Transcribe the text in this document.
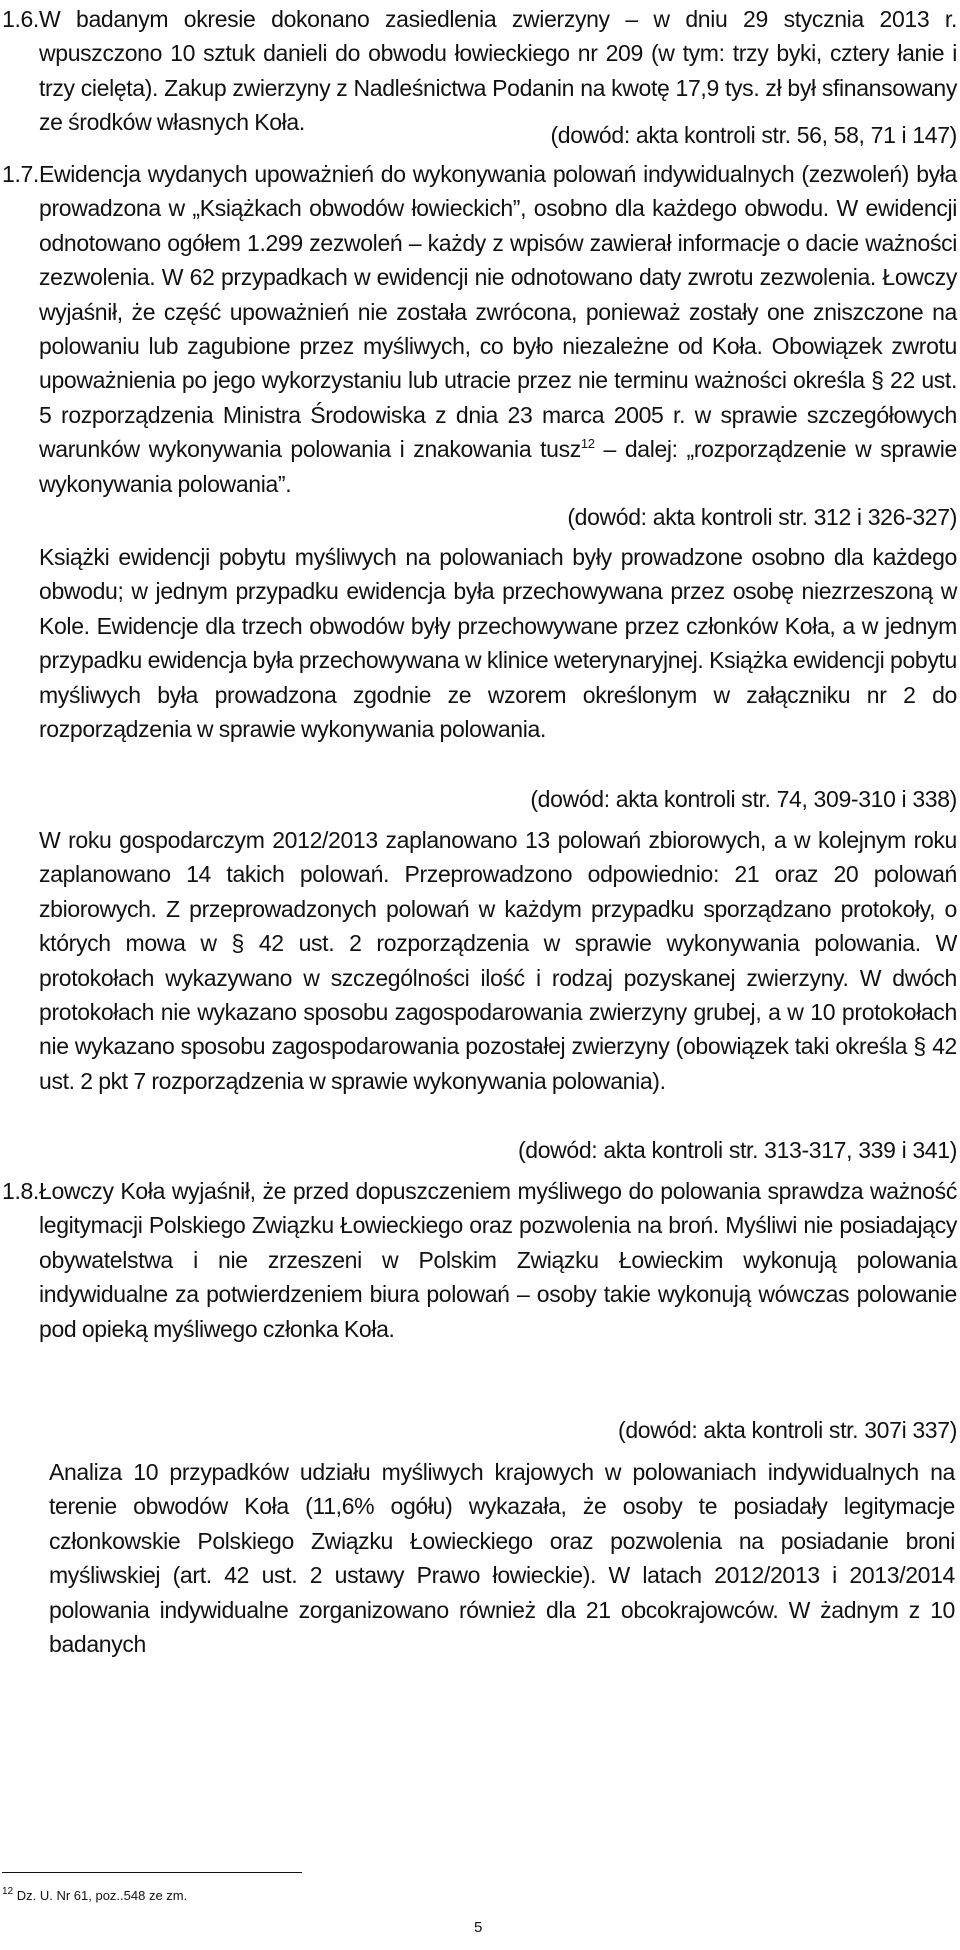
1.6. W badanym okresie dokonano zasiedlenia zwierzyny – w dniu 29 stycznia 2013 r. wpuszczono 10 sztuk danieli do obwodu łowieckiego nr 209 (w tym: trzy byki, cztery łanie i trzy cielęta). Zakup zwierzyny z Nadleśnictwa Podanin na kwotę 17,9 tys. zł był sfinansowany ze środków własnych Koła.	(dowód: akta kontroli str. 56, 58, 71 i 147)
1.7. Ewidencja wydanych upoważnień do wykonywania polowań indywidualnych (zezwoleń) była prowadzona w „Książkach obwodów łowieckich”, osobno dla każdego obwodu. W ewidencji odnotowano ogółem 1.299 zezwoleń – każdy z wpisów zawierał informacje o dacie ważności zezwolenia. W 62 przypadkach w ewidencji nie odnotowano daty zwrotu zezwolenia. Łowczy wyjaśnił, że część upoważnień nie została zwrócona, ponieważ zostały one zniszczone na polowaniu lub zagubione przez myśliwych, co było niezależne od Koła. Obowiązek zwrotu upoważnienia po jego wykorzystaniu lub utracie przez nie terminu ważności określa § 22 ust. 5 rozporządzenia Ministra Środowiska z dnia 23 marca 2005 r. w sprawie szczegółowych warunków wykonywania polowania i znakowania tusz$^{12}$ – dalej: „rozporządzenie w sprawie wykonywania polowania”.

(dowód: akta kontroli str. 312 i 326-327)

Książki ewidencji pobytu myśliwych na polowaniach były prowadzone osobno dla każdego obwodu; w jednym przypadku ewidencja była przechowywana przez osobę niezrzeszoną w Kole. Ewidencje dla trzech obwodów były przechowywane przez członków Koła, a w jednym przypadku ewidencja była przechowywana w klinice weterynaryjnej. Książka ewidencji pobytu myśliwych była prowadzona zgodnie ze wzorem określonym w załączniku nr 2 do rozporządzenia w sprawie wykonywania polowania.

(dowód: akta kontroli str. 74, 309-310 i 338)

W roku gospodarczym 2012/2013 zaplanowano 13 polowań zbiorowych, a w kolejnym roku zaplanowano 14 takich polowań. Przeprowadzono odpowiednio: 21 oraz 20 polowań zbiorowych. Z przeprowadzonych polowań w każdym przypadku sporządzano protokoły, o których mowa w § 42 ust. 2 rozporządzenia w sprawie wykonywania polowania. W protokołach wykazywano w szczególności ilość i rodzaj pozyskanej zwierzyny. W dwóch protokołach nie wykazano sposobu zagospodarowania zwierzyny grubej, a w 10 protokołach nie wykazano sposobu zagospodarowania pozostałej zwierzyny (obowiązek taki określa § 42 ust. 2 pkt 7 rozporządzenia w sprawie wykonywania polowania).

(dowód: akta kontroli str. 313-317, 339 i 341)
1.8. Łowczy Koła wyjaśnił, że przed dopuszczeniem myśliwego do polowania sprawdza ważność legitymacji Polskiego Związku Łowieckiego oraz pozwolenia na broń. Myśliwi nie posiadający obywatelstwa i nie zrzeszeni w Polskim Związku Łowieckim wykonują polowania indywidualne za potwierdzeniem biura polowań – osoby takie wykonują wówczas polowanie pod opieką myśliwego członka Koła.

(dowód: akta kontroli str. 307i 337)

Analiza 10 przypadków udziału myśliwych krajowych w polowaniach indywidualnych na terenie obwodów Koła (11,6% ogółu) wykazała, że osoby te posiadały legitymacje członkowskie Polskiego Związku Łowieckiego oraz pozwolenia na posiadanie broni myśliwskiej (art. 42 ust. 2 ustawy Prawo łowieckie). W latach 2012/2013 i 2013/2014 polowania indywidualne zorganizowano również dla 21 obcokrajowców. W żadnym z 10 badanych

$^{12}$ Dz. U. Nr 61, poz..548 ze zm.
5
